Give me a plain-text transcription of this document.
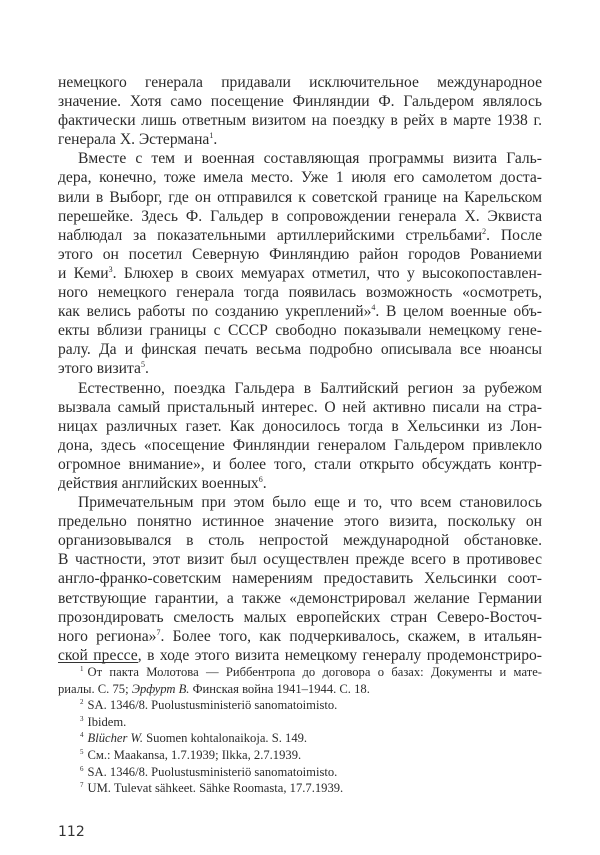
немецкого генерала придавали исключительное международное
значение. Хотя само посещение Финляндии Ф. Гальдером являлось
фактически лишь ответным визитом на поездку в рейх в марте 1938 г.
генерала Х. Эстермана$^1$.
Вместе с тем и военная составляющая программы визита Галь-
дера, конечно, тоже имела место. Уже 1 июля его самолетом доста-
вили в Выборг, где он отправился к советской границе на Карельском
перешейке. Здесь Ф. Гальдер в сопровождении генерала Х. Эквиста
наблюдал за показательными артиллерийскими стрельбами$^2$. После
этого он посетил Северную Финляндию район городов Рованиеми
и Кеми$^3$. Блюхер в своих мемуарах отметил, что у высокопоставлен-
ного немецкого генерала тогда появилась возможность «осмотреть,
как велись работы по созданию укреплений»$^4$. В целом военные объ-
екты вблизи границы с СССР свободно показывали немецкому гене-
ралу. Да и финская печать весьма подробно описывала все нюансы
этого визита$^5$.
Естественно, поездка Гальдера в Балтийский регион за рубежом
вызвала самый пристальный интерес. О ней активно писали на стра-
ницах различных газет. Как доносилось тогда в Хельсинки из Лон-
дона, здесь «посещение Финляндии генералом Гальдером привлекло
огромное внимание», и более того, стали открыто обсуждать контр-
действия английских военных$^6$.
Примечательным при этом было еще и то, что всем становилось
предельно понятно истинное значение этого визита, поскольку он
организовывался в столь непростой международной обстановке.
В частности, этот визит был осуществлен прежде всего в противовес
англо-франко-советским намерениям предоставить Хельсинки соот-
ветствующие гарантии, а также «демонстрировал желание Германии
прозондировать смелость малых европейских стран Северо-Восточ-
ного региона»$^7$. Более того, как подчеркивалось, скажем, в итальян-
ской прессе, в ходе этого визита немецкому генералу продемонстриро-
$^1$ От пакта Молотова — Риббентропа до договора о базах: Документы и мате-
риалы. С. 75; Эрфурт В. Финская война 1941–1944. С. 18.
$^2$ SA. 1346/8. Puolustusministeriö sanomatoimisto.
$^3$ Ibidem.
$^4$ Blücher W. Suomen kohtalonaikoja. S. 149.
$^5$ См.: Maakansa, 1.7.1939; Ilkka, 2.7.1939.
$^6$ SA. 1346/8. Puolustusministeriö sanomatoimisto.
$^7$ UM. Tulevat sähkeet. Sähke Roomasta, 17.7.1939.
112
